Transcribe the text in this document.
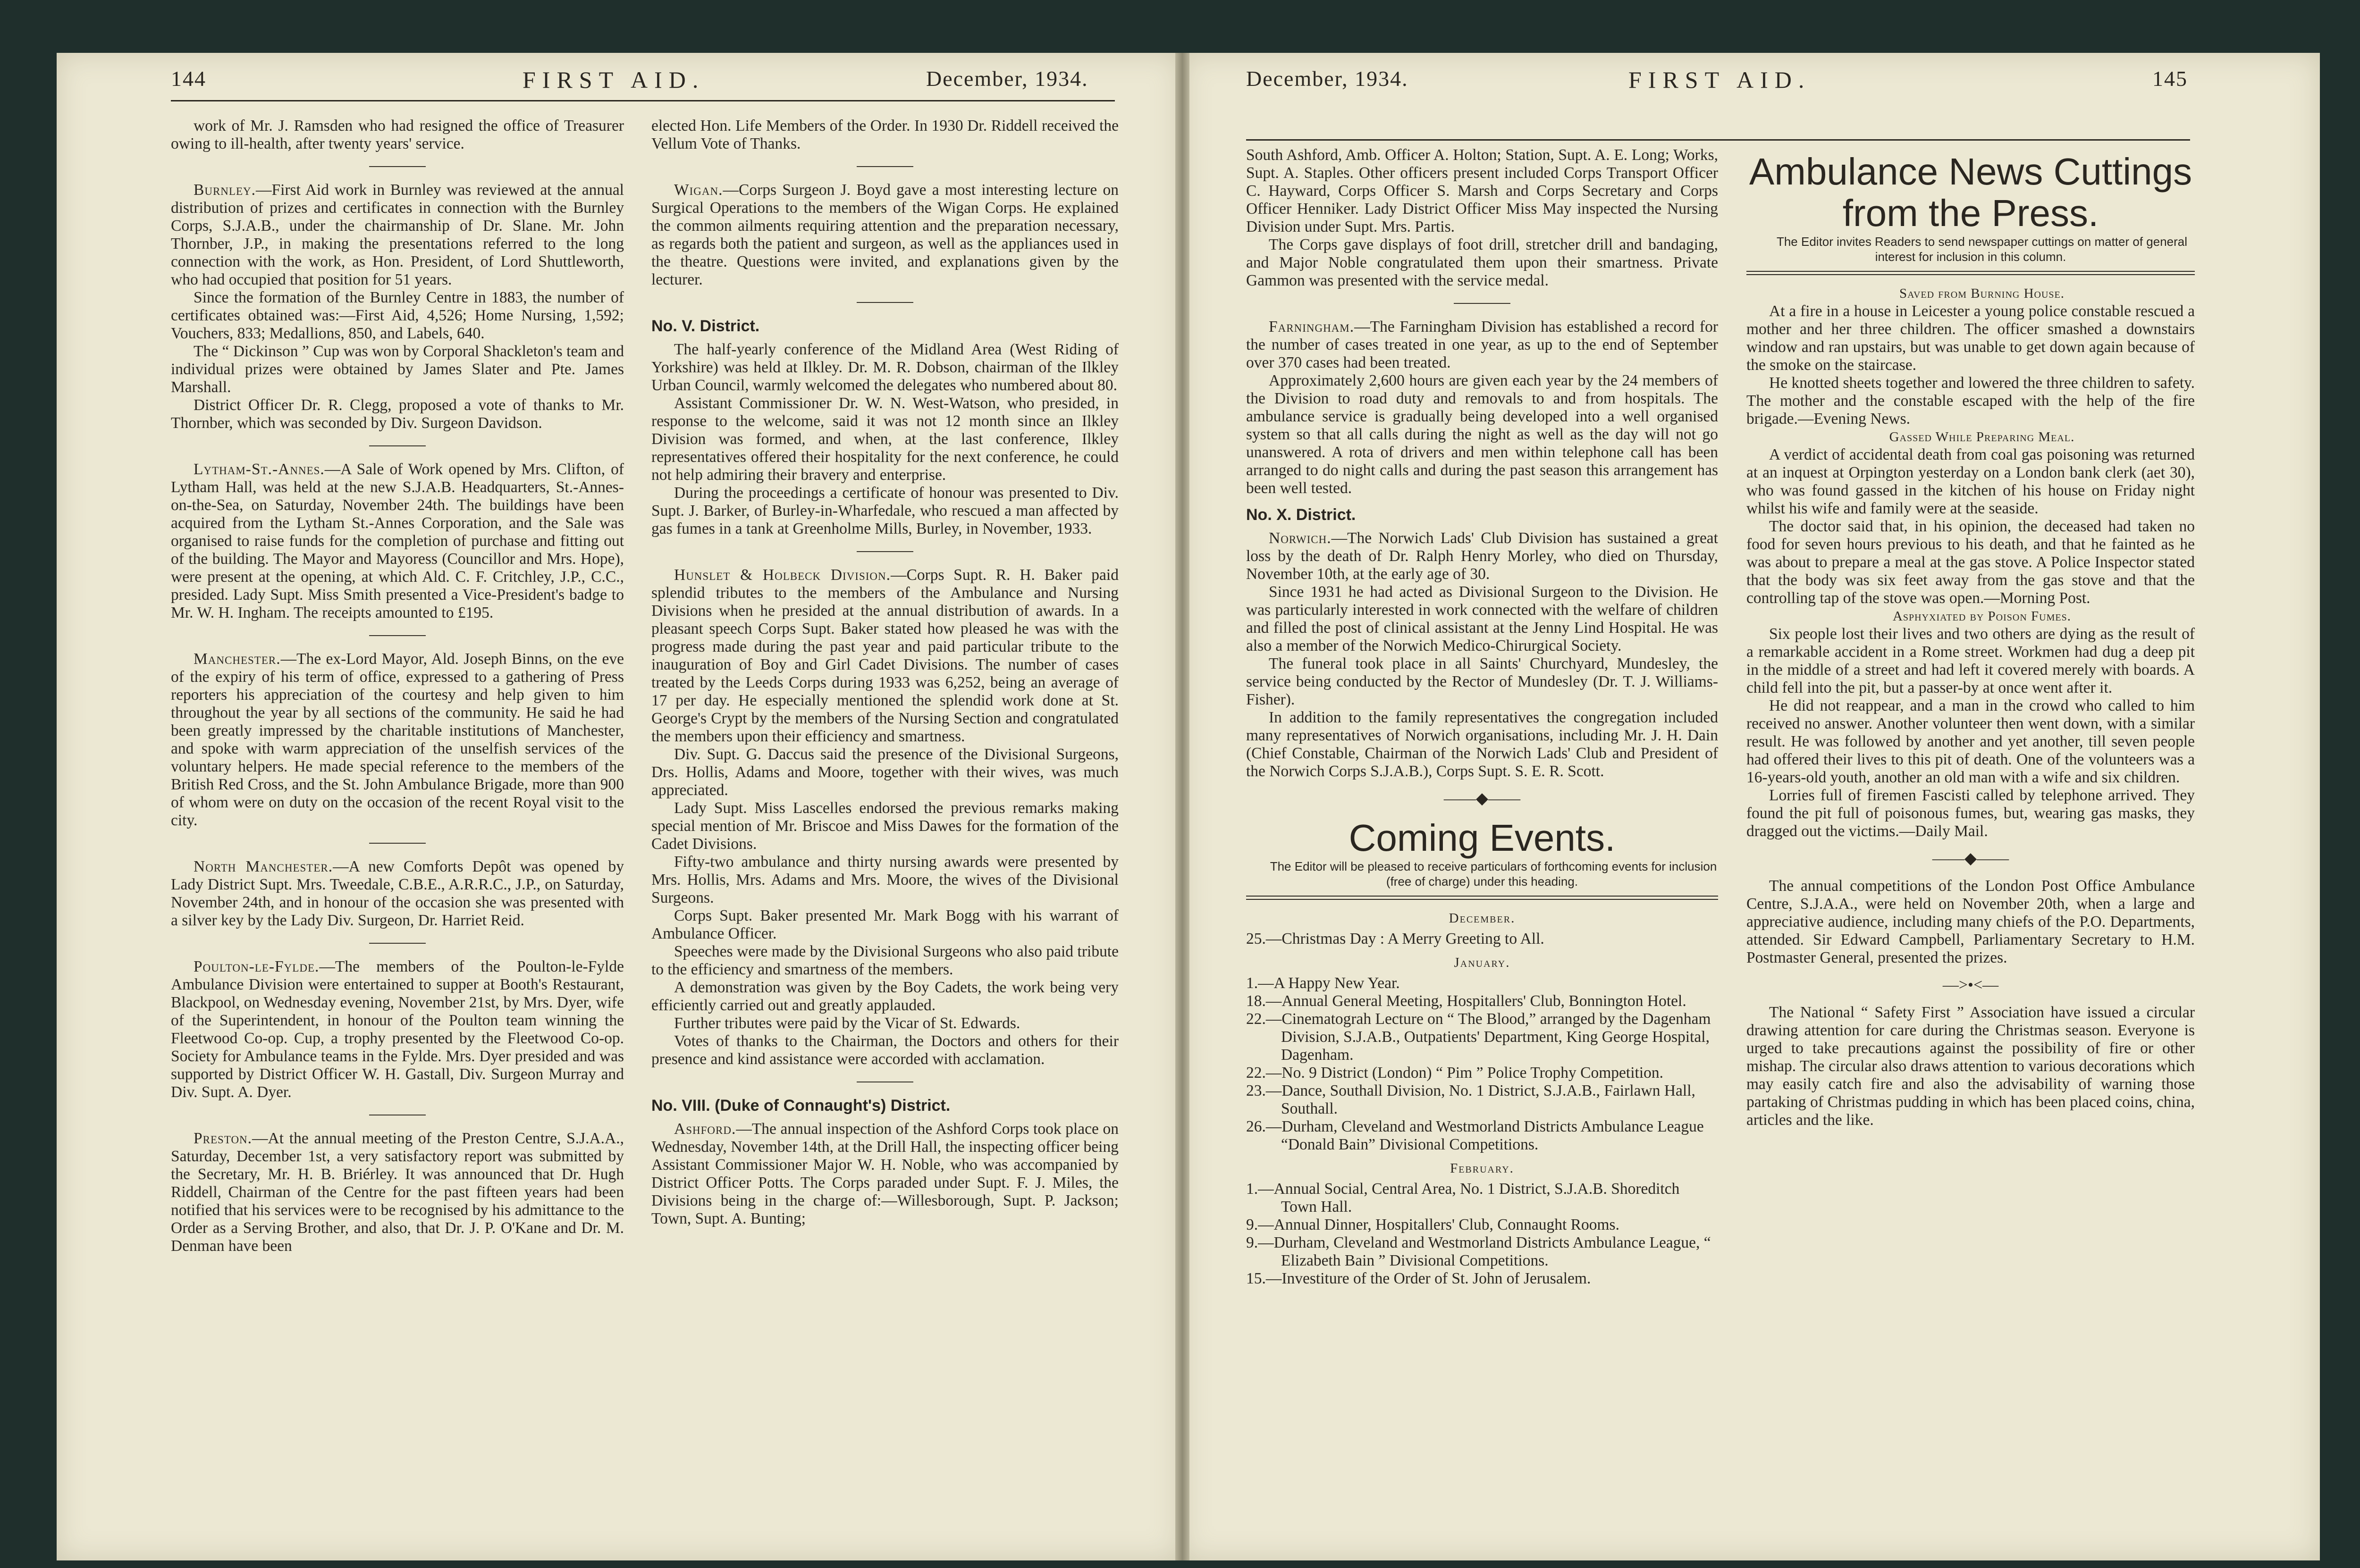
144	FIRST AID.	December, 1934.

work of Mr. J. Ramsden who had resigned the office of Treasurer owing to ill-health, after twenty years' service.

Burnley.—First Aid work in Burnley was reviewed at the annual distribution of prizes and certificates in connection with the Burnley Corps, S.J.A.B., under the chairmanship of Dr. Slane. Mr. John Thornber, J.P., in making the presentations referred to the long connection with the work, as Hon. President, of Lord Shuttleworth, who had occupied that position for 51 years.

Since the formation of the Burnley Centre in 1883, the number of certificates obtained was:—First Aid, 4,526; Home Nursing, 1,592; Vouchers, 833; Medallions, 850, and Labels, 640.

The “ Dickinson ” Cup was won by Corporal Shackleton's team and individual prizes were obtained by James Slater and Pte. James Marshall.

District Officer Dr. R. Clegg, proposed a vote of thanks to Mr. Thornber, which was seconded by Div. Surgeon Davidson.

Lytham-St.-Annes.—A Sale of Work opened by Mrs. Clifton, of Lytham Hall, was held at the new S.J.A.B. Headquarters, St.-Annes-on-the-Sea, on Saturday, November 24th. The buildings have been acquired from the Lytham St.-Annes Corporation, and the Sale was organised to raise funds for the completion of purchase and fitting out of the building. The Mayor and Mayoress (Councillor and Mrs. Hope), were present at the opening, at which Ald. C. F. Critchley, J.P., C.C., presided. Lady Supt. Miss Smith presented a Vice-President's badge to Mr. W. H. Ingham. The receipts amounted to £195.

Manchester.—The ex-Lord Mayor, Ald. Joseph Binns, on the eve of the expiry of his term of office, expressed to a gathering of Press reporters his appreciation of the courtesy and help given to him throughout the year by all sections of the community. He said he had been greatly impressed by the charitable institutions of Manchester, and spoke with warm appreciation of the unselfish services of the voluntary helpers. He made special reference to the members of the British Red Cross, and the St. John Ambulance Brigade, more than 900 of whom were on duty on the occasion of the recent Royal visit to the city.

North Manchester.—A new Comforts Depôt was opened by Lady District Supt. Mrs. Tweedale, C.B.E., A.R.R.C., J.P., on Saturday, November 24th, and in honour of the occasion she was presented with a silver key by the Lady Div. Surgeon, Dr. Harriet Reid.

Poulton-le-Fylde.—The members of the Poulton-le-Fylde Ambulance Division were entertained to supper at Booth's Restaurant, Blackpool, on Wednesday evening, November 21st, by Mrs. Dyer, wife of the Superintendent, in honour of the Poulton team winning the Fleetwood Co-op. Cup, a trophy presented by the Fleetwood Co-op. Society for Ambulance teams in the Fylde. Mrs. Dyer presided and was supported by District Officer W. H. Gastall, Div. Surgeon Murray and Div. Supt. A. Dyer.

Preston.—At the annual meeting of the Preston Centre, S.J.A.A., Saturday, December 1st, a very satisfactory report was submitted by the Secretary, Mr. H. B. Briérley. It was announced that Dr. Hugh Riddell, Chairman of the Centre for the past fifteen years had been notified that his services were to be recognised by his admittance to the Order as a Serving Brother, and also, that Dr. J. P. O'Kane and Dr. M. Denman have been

elected Hon. Life Members of the Order. In 1930 Dr. Riddell received the Vellum Vote of Thanks.

Wigan.—Corps Surgeon J. Boyd gave a most interesting lecture on Surgical Operations to the members of the Wigan Corps. He explained the common ailments requiring attention and the preparation necessary, as regards both the patient and surgeon, as well as the appliances used in the theatre. Questions were invited, and explanations given by the lecturer.

No. V. District.

The half-yearly conference of the Midland Area (West Riding of Yorkshire) was held at Ilkley. Dr. M. R. Dobson, chairman of the Ilkley Urban Council, warmly welcomed the delegates who numbered about 80.

Assistant Commissioner Dr. W. N. West-Watson, who presided, in response to the welcome, said it was not 12 month since an Ilkley Division was formed, and when, at the last conference, Ilkley representatives offered their hospitality for the next conference, he could not help admiring their bravery and enterprise.

During the proceedings a certificate of honour was presented to Div. Supt. J. Barker, of Burley-in-Wharfedale, who rescued a man affected by gas fumes in a tank at Greenholme Mills, Burley, in November, 1933.

Hunslet & Holbeck Division.—Corps Supt. R. H. Baker paid splendid tributes to the members of the Ambulance and Nursing Divisions when he presided at the annual distribution of awards. In a pleasant speech Corps Supt. Baker stated how pleased he was with the progress made during the past year and paid particular tribute to the inauguration of Boy and Girl Cadet Divisions. The number of cases treated by the Leeds Corps during 1933 was 6,252, being an average of 17 per day. He especially mentioned the splendid work done at St. George's Crypt by the members of the Nursing Section and congratulated the members upon their efficiency and smartness.

Div. Supt. G. Daccus said the presence of the Divisional Surgeons, Drs. Hollis, Adams and Moore, together with their wives, was much appreciated.

Lady Supt. Miss Lascelles endorsed the previous remarks making special mention of Mr. Briscoe and Miss Dawes for the formation of the Cadet Divisions.

Fifty-two ambulance and thirty nursing awards were presented by Mrs. Hollis, Mrs. Adams and Mrs. Moore, the wives of the Divisional Surgeons.

Corps Supt. Baker presented Mr. Mark Bogg with his warrant of Ambulance Officer.

Speeches were made by the Divisional Surgeons who also paid tribute to the efficiency and smartness of the members.

A demonstration was given by the Boy Cadets, the work being very efficiently carried out and greatly applauded.

Further tributes were paid by the Vicar of St. Edwards.

Votes of thanks to the Chairman, the Doctors and others for their presence and kind assistance were accorded with acclamation.

No. VIII. (Duke of Connaught's) District.

Ashford.—The annual inspection of the Ashford Corps took place on Wednesday, November 14th, at the Drill Hall, the inspecting officer being Assistant Commissioner Major W. H. Noble, who was accompanied by District Officer Potts. The Corps paraded under Supt. F. J. Miles, the Divisions being in the charge of:—Willesborough, Supt. P. Jackson; Town, Supt. A. Bunting;

December, 1934.	FIRST AID.	145

South Ashford, Amb. Officer A. Holton; Station, Supt. A. E. Long; Works, Supt. A. Staples. Other officers present included Corps Transport Officer C. Hayward, Corps Officer S. Marsh and Corps Secretary and Corps Officer Henniker. Lady District Officer Miss May inspected the Nursing Division under Supt. Mrs. Partis.

The Corps gave displays of foot drill, stretcher drill and bandaging, and Major Noble congratulated them upon their smartness. Private Gammon was presented with the service medal.

Farningham.—The Farningham Division has established a record for the number of cases treated in one year, as up to the end of September over 370 cases had been treated.

Approximately 2,600 hours are given each year by the 24 members of the Division to road duty and removals to and from hospitals. The ambulance service is gradually being developed into a well organised system so that all calls during the night as well as the day will not go unanswered. A rota of drivers and men within telephone call has been arranged to do night calls and during the past season this arrangement has been well tested.

No. X. District.

Norwich.—The Norwich Lads' Club Division has sustained a great loss by the death of Dr. Ralph Henry Morley, who died on Thursday, November 10th, at the early age of 30.

Since 1931 he had acted as Divisional Surgeon to the Division. He was particularly interested in work connected with the welfare of children and filled the post of clinical assistant at the Jenny Lind Hospital. He was also a member of the Norwich Medico-Chirurgical Society.

The funeral took place in all Saints' Churchyard, Mundesley, the service being conducted by the Rector of Mundesley (Dr. T. J. Williams-Fisher).

In addition to the family representatives the congregation included many representatives of Norwich organisations, including Mr. J. H. Dain (Chief Constable, Chairman of the Norwich Lads' Club and President of the Norwich Corps S.J.A.B.), Corps Supt. S. E. R. Scott.

——◆——
Coming Events.

The Editor will be pleased to receive particulars of forthcoming events for inclusion (free of charge) under this heading.

December.

25.—Christmas Day : A Merry Greeting to All.

January.

1.—A Happy New Year.

18.—Annual General Meeting, Hospitallers' Club, Bonnington Hotel.

22.—Cinematograh Lecture on “ The Blood,” arranged by the Dagenham Division, S.J.A.B., Outpatients' Department, King George Hospital, Dagenham.

22.—No. 9 District (London) “ Pim ” Police Trophy Competition.

23.—Dance, Southall Division, No. 1 District, S.J.A.B., Fairlawn Hall, Southall.

26.—Durham, Cleveland and Westmorland Districts Ambulance League “Donald Bain” Divisional Competitions.

February.

1.—Annual Social, Central Area, No. 1 District, S.J.A.B. Shoreditch Town Hall.

9.—Annual Dinner, Hospitallers' Club, Connaught Rooms.

9.—Durham, Cleveland and Westmorland Districts Ambulance League, “ Elizabeth Bain ” Divisional Competitions.

15.—Investiture of the Order of St. John of Jerusalem.

Ambulance News Cuttings
from the Press.

The Editor invites Readers to send newspaper cuttings on matter of general interest for inclusion in this column.

Saved from Burning House.

At a fire in a house in Leicester a young police constable rescued a mother and her three children. The officer smashed a downstairs window and ran upstairs, but was unable to get down again because of the smoke on the staircase.

He knotted sheets together and lowered the three children to safety. The mother and the constable escaped with the help of the fire brigade.—Evening News.

Gassed While Preparing Meal.

A verdict of accidental death from coal gas poisoning was returned at an inquest at Orpington yesterday on a London bank clerk (aet 30), who was found gassed in the kitchen of his house on Friday night whilst his wife and family were at the seaside.

The doctor said that, in his opinion, the deceased had taken no food for seven hours previous to his death, and that he fainted as he was about to prepare a meal at the gas stove. A Police Inspector stated that the body was six feet away from the gas stove and that the controlling tap of the stove was open.—Morning Post.

Asphyxiated by Poison Fumes.

Six people lost their lives and two others are dying as the result of a remarkable accident in a Rome street. Workmen had dug a deep pit in the middle of a street and had left it covered merely with boards. A child fell into the pit, but a passer-by at once went after it.

He did not reappear, and a man in the crowd who called to him received no answer. Another volunteer then went down, with a similar result. He was followed by another and yet another, till seven people had offered their lives to this pit of death. One of the volunteers was a 16-years-old youth, another an old man with a wife and six children.

Lorries full of firemen Fascisti called by telephone arrived. They found the pit full of poisonous fumes, but, wearing gas masks, they dragged out the victims.—Daily Mail.

——◆——

The annual competitions of the London Post Office Ambulance Centre, S.J.A.A., were held on November 20th, when a large and appreciative audience, including many chiefs of the P.O. Departments, attended. Sir Edward Campbell, Parliamentary Secretary to H.M. Postmaster General, presented the prizes.

—>•<—

The National “ Safety First ” Association have issued a circular drawing attention for care during the Christmas season. Everyone is urged to take precautions against the possibility of fire or other mishap. The circular also draws attention to various decorations which may easily catch fire and also the advisability of warning those partaking of Christmas pudding in which has been placed coins, china, articles and the like.
